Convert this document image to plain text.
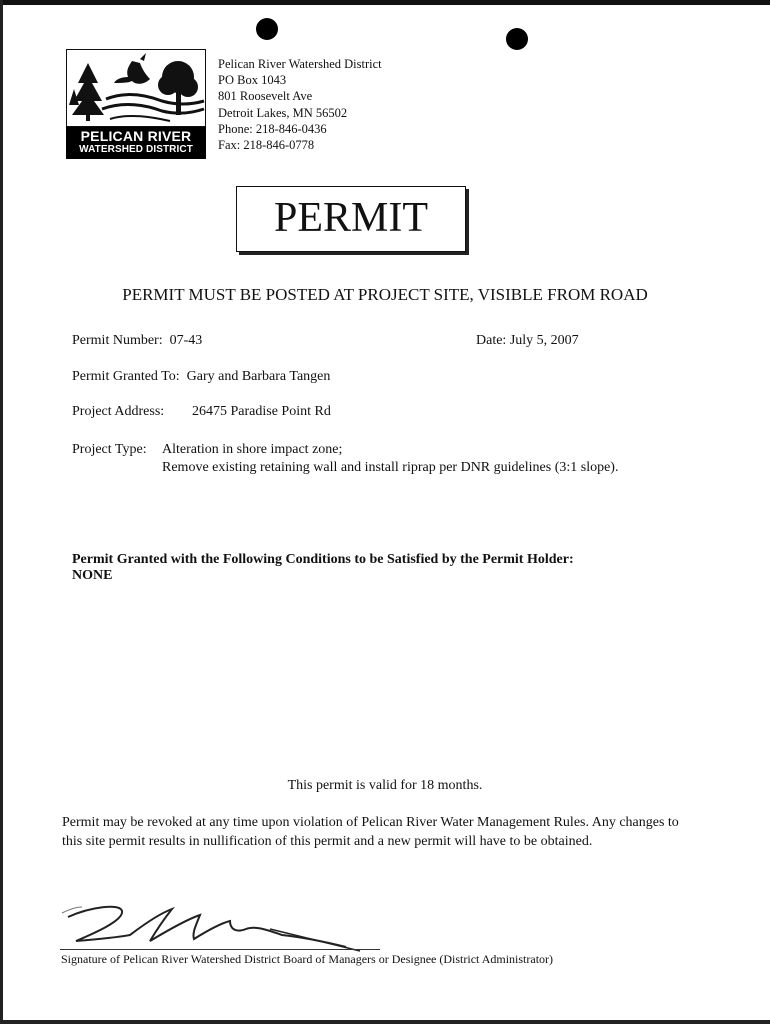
PELICAN RIVER
WATERSHED DISTRICT
Pelican River Watershed District
PO Box 1043
801 Roosevelt Ave
Detroit Lakes, MN 56502
Phone: 218-846-0436
Fax: 218-846-0778
PERMIT
PERMIT MUST BE POSTED AT PROJECT SITE, VISIBLE FROM ROAD
Permit Number: 07-43	Date: July 5, 2007
Permit Granted To: Gary and Barbara Tangen
Project Address: 26475 Paradise Point Rd
Project Type: Alteration in shore impact zone;
Remove existing retaining wall and install riprap per DNR guidelines (3:1 slope).
Permit Granted with the Following Conditions to be Satisfied by the Permit Holder:
NONE
This permit is valid for 18 months.
Permit may be revoked at any time upon violation of Pelican River Water Management Rules. Any changes to this site permit results in nullification of this permit and a new permit will have to be obtained.
Signature of Pelican River Watershed District Board of Managers or Designee (District Administrator)
